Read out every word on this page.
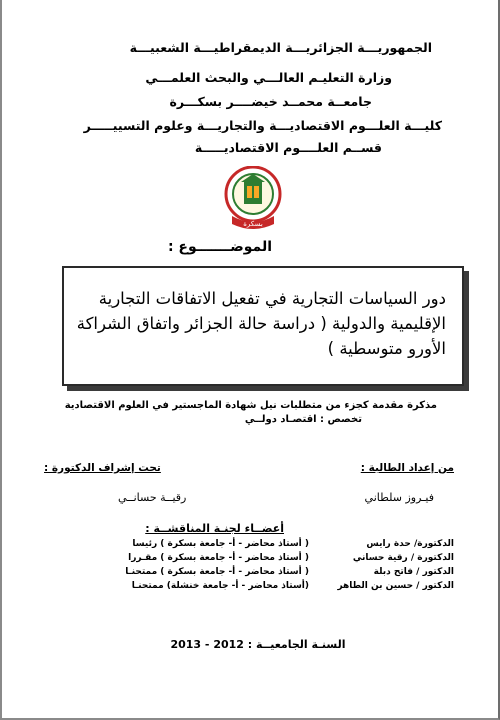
الجمهوريـــة الجزائريـــة الديمقراطيـــة الشعبيـــة
وزارة التعليـم العالـــي والبحث العلمـــي
جامعــة محمــد خيضــــر بسكـــرة
كليـــة العلـــوم الاقتصاديـــة والتجاريـــة وعلوم التسييـــــر
قســم العلــــوم الاقتصاديـــــة
بسكرة
الموضـــــــوع :
دور السياسات التجارية في تفعيل الاتفاقات التجارية الإقليمية والدولية ( دراسة حالة الجزائر واتفاق الشراكة الأورو متوسطية )
مذكرة مقدمة كجزء من متطلبات نيل شهادة الماجستير في العلوم الاقتصادية
تخصص : اقتصـاد دولــي
من إعداد الطالبة :
تحت إشراف الدكتورة :
فيـروز سلطاني
رقيــة حسانــي
أعضــاء لجنـة المناقشــة :
الدكتورة/ حدة رايس
( أستاذ محاضر - أ- جامعة بسكرة ) رئيسا
الدكتورة / رقية حساني
( أستاذ محاضر - أ- جامعة بسكرة ) مقـررا
الدكتور / فاتح دبلة
( أستاذ محاضر - أ- جامعة بسكرة ) ممتحنـا
الدكتور / حسين بن الطاهر
(أستاذ محاضر - أ- جامعة خنشلة) ممتحنـا
السنـة الجامعيــة : 2012 - 2013
